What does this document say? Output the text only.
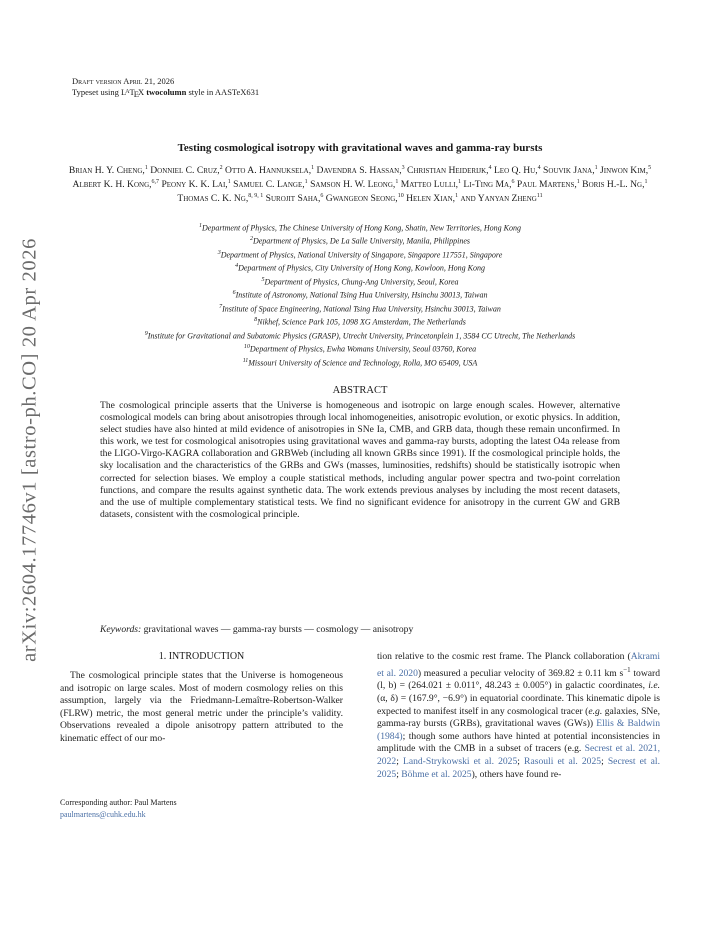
Draft version April 21, 2026
Typeset using $L^ATEX$ twocolumn style in AASTeX631
arXiv:2604.17746v1 [astro-ph.CO] 20 Apr 2026
Testing cosmological isotropy with gravitational waves and gamma-ray bursts
Brian H. Y. Cheng,$^1$ Donniel C. Cruz,$^2$ Otto A. Hannuksela,$^1$ Davendra S. Hassan,$^3$ Christian Heiderijk,$^4$ Leo Q. Hu,$^4$ Souvik Jana,$^1$ Jinwon Kim,$^5$ Albert K. H. Kong,$^{6,7}$ Peony K. K. Lai,$^1$ Samuel C. Lange,$^1$ Samson H. W. Leong,$^1$ Matteo Lulli,$^1$ Li-Ting Ma,$^6$ Paul Martens,$^1$ Boris H.-L. Ng,$^1$ Thomas C. K. Ng,$^{8, 9, 1}$ Surojit Saha,$^6$ Gwangeon Seong,$^{10}$ Helen Xian,$^1$ and Yanyan Zheng$^{11}$
$^1$Department of Physics, The Chinese University of Hong Kong, Shatin, New Territories, Hong Kong
$^2$Department of Physics, De La Salle University, Manila, Philippines
$^3$Department of Physics, National University of Singapore, Singapore 117551, Singapore
$^4$Department of Physics, City University of Hong Kong, Kowloon, Hong Kong
$^5$Department of Physics, Chung-Ang University, Seoul, Korea
$^6$Institute of Astronomy, National Tsing Hua University, Hsinchu 30013, Taiwan
$^7$Institute of Space Engineering, National Tsing Hua University, Hsinchu 30013, Taiwan
$^8$Nikhef, Science Park 105, 1098 XG Amsterdam, The Netherlands
$^9$Institute for Gravitational and Subatomic Physics (GRASP), Utrecht University, Princetonplein 1, 3584 CC Utrecht, The Netherlands
$^{10}$Department of Physics, Ewha Womans University, Seoul 03760, Korea
$^{11}$Missouri University of Science and Technology, Rolla, MO 65409, USA
ABSTRACT
The cosmological principle asserts that the Universe is homogeneous and isotropic on large enough scales. However, alternative cosmological models can bring about anisotropies through local inhomogeneities, anisotropic evolution, or exotic physics. In addition, select studies have also hinted at mild evidence of anisotropies in SNe Ia, CMB, and GRB data, though these remain unconfirmed. In this work, we test for cosmological anisotropies using gravitational waves and gamma-ray bursts, adopting the latest O4a release from the LIGO-Virgo-KAGRA collaboration and GRBWeb (including all known GRBs since 1991). If the cosmological principle holds, the sky localisation and the characteristics of the GRBs and GWs (masses, luminosities, redshifts) should be statistically isotropic when corrected for selection biases. We employ a couple statistical methods, including angular power spectra and two-point correlation functions, and compare the results against synthetic data. The work extends previous analyses by including the most recent datasets, and the use of multiple complementary statistical tests. We find no significant evidence for anisotropy in the current GW and GRB datasets, consistent with the cosmological principle.
Keywords: gravitational waves — gamma-ray bursts — cosmology — anisotropy
1. INTRODUCTION
The cosmological principle states that the Universe is homogeneous and isotropic on large scales. Most of modern cosmology relies on this assumption, largely via the Friedmann-Lemaître-Robertson-Walker (FLRW) metric, the most general metric under the principle’s validity. Observations revealed a dipole anisotropy pattern attributed to the kinematic effect of our mo-
Corresponding author: Paul Martens
paulmartens@cuhk.edu.hk
tion relative to the cosmic rest frame. The Planck collaboration (Akrami et al. 2020) measured a peculiar velocity of 369.82 ± 0.11 km $s^{-1}$ toward (l, b) = (264.021 ± 0.011°, 48.243 ± 0.005°) in galactic coordinates, i.e. (α, δ) = (167.9°, −6.9°) in equatorial coordinate. This kinematic dipole is expected to manifest itself in any cosmological tracer (e.g. galaxies, SNe, gamma-ray bursts (GRBs), gravitational waves (GWs)) Ellis & Baldwin (1984); though some authors have hinted at potential inconsistencies in amplitude with the CMB in a subset of tracers (e.g. Secrest et al. 2021, 2022; Land-Strykowski et al. 2025; Rasouli et al. 2025; Secrest et al. 2025; Böhme et al. 2025), others have found re-
